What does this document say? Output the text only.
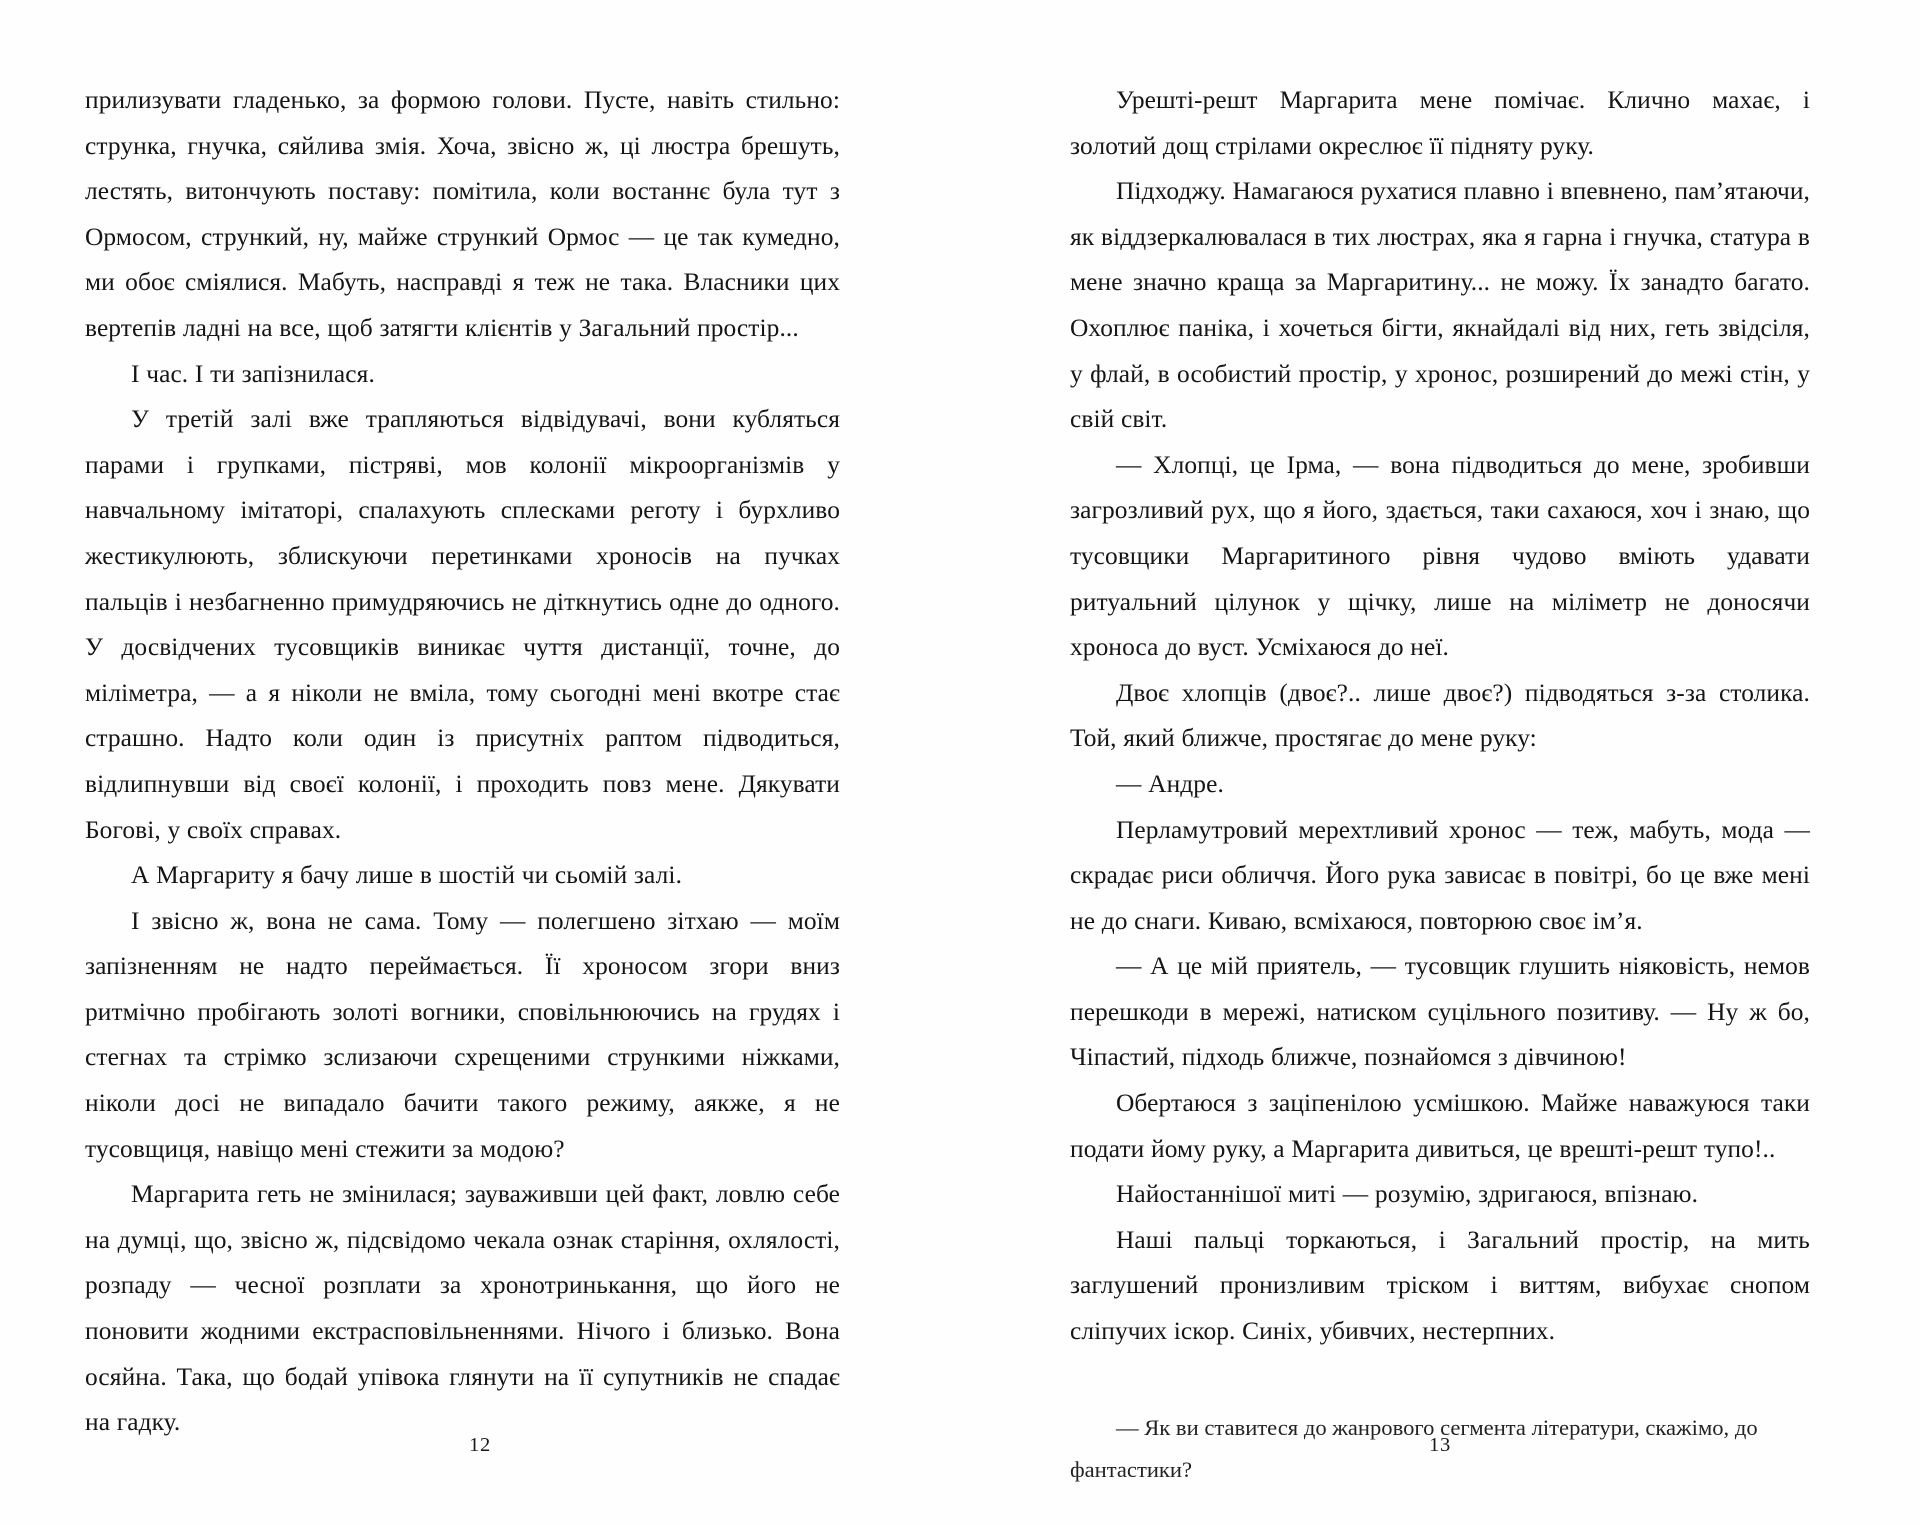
прилизувати гладенько, за формою голови. Пусте, навіть стильно: струнка, гнучка, сяйлива змія. Хоча, звісно ж, ці люстра брешуть, лестять, витончують поставу: помітила, коли востаннє була тут з Ормосом, стрункий, ну, майже стрункий Ормос — це так кумедно, ми обоє сміялися. Мабуть, насправді я теж не така. Власники цих вертепів ладні на все, щоб затягти клієнтів у Загальний простір...

І час. І ти запізнилася.

У третій залі вже трапляються відвідувачі, вони кубляться парами і групками, пістряві, мов колонії мікроорганізмів у навчальному імітаторі, спалахують сплесками реготу і бурхливо жестикулюють, зблискуючи перетинками хроносів на пучках пальців і незбагненно примудряючись не діткнутись одне до одного. У досвідчених тусовщиків виникає чуття дистанції, точне, до міліметра, — а я ніколи не вміла, тому сьогодні мені вкотре стає страшно. Надто коли один із присутніх раптом підводиться, відлипнувши від своєї колонії, і проходить повз мене. Дякувати Богові, у своїх справах.

А Маргариту я бачу лише в шостій чи сьомій залі.

І звісно ж, вона не сама. Тому — полегшено зітхаю — моїм запізненням не надто переймається. Її хроносом згори вниз ритмічно пробігають золоті вогники, сповільнюючись на грудях і стегнах та стрімко зслизаючи схрещеними стрункими ніжками, ніколи досі не випадало бачити такого режиму, аякже, я не тусовщиця, навіщо мені стежити за модою?

Маргарита геть не змінилася; зауваживши цей факт, ловлю себе на думці, що, звісно ж, підсвідомо чекала ознак старіння, охлялості, розпаду — чесної розплати за хронотринькання, що його не поновити жодними екстрасповільненнями. Нічого і близько. Вона осяйна. Така, що бодай упівока глянути на її супутників не спадає на гадку.

12

Урешті-решт Маргарита мене помічає. Клично махає, і золотий дощ стрілами окреслює її підняту руку.

Підходжу. Намагаюся рухатися плавно і впевнено, пам’ятаючи, як віддзеркалювалася в тих люстрах, яка я гарна і гнучка, статура в мене значно краща за Маргаритину... не можу. Їх занадто багато. Охоплює паніка, і хочеться бігти, якнайдалі від них, геть звідсіля, у флай, в особистий простір, у хронос, розширений до межі стін, у свій світ.

— Хлопці, це Ірма, — вона підводиться до мене, зробивши загрозливий рух, що я його, здається, таки сахаюся, хоч і знаю, що тусовщики Маргаритиного рівня чудово вміють удавати ритуальний цілунок у щічку, лише на міліметр не доносячи хроноса до вуст. Усміхаюся до неї.

Двоє хлопців (двоє?.. лише двоє?) підводяться з-за столика. Той, який ближче, простягає до мене руку:

— Андре.

Перламутровий мерехтливий хронос — теж, мабуть, мода — скрадає риси обличчя. Його рука зависає в повітрі, бо це вже мені не до снаги. Киваю, всміхаюся, повторюю своє ім’я.

— А це мій приятель, — тусовщик глушить ніяковість, немов перешкоди в мережі, натиском суцільного позитиву. — Ну ж бо, Чіпастий, підходь ближче, познайомся з дівчиною!

Обертаюся з заціпенілою усмішкою. Майже наважуюся таки подати йому руку, а Маргарита дивиться, це врешті-решт тупо!..

Найостаннішої миті — розумію, здригаюся, впізнаю.

Наші пальці торкаються, і Загальний простір, на мить заглушений пронизливим тріском і виттям, вибухає снопом сліпучих іскор. Синіх, убивчих, нестерпних.

— Як ви ставитеся до жанрового сегмента літератури, скажімо, до фантастики?

13
